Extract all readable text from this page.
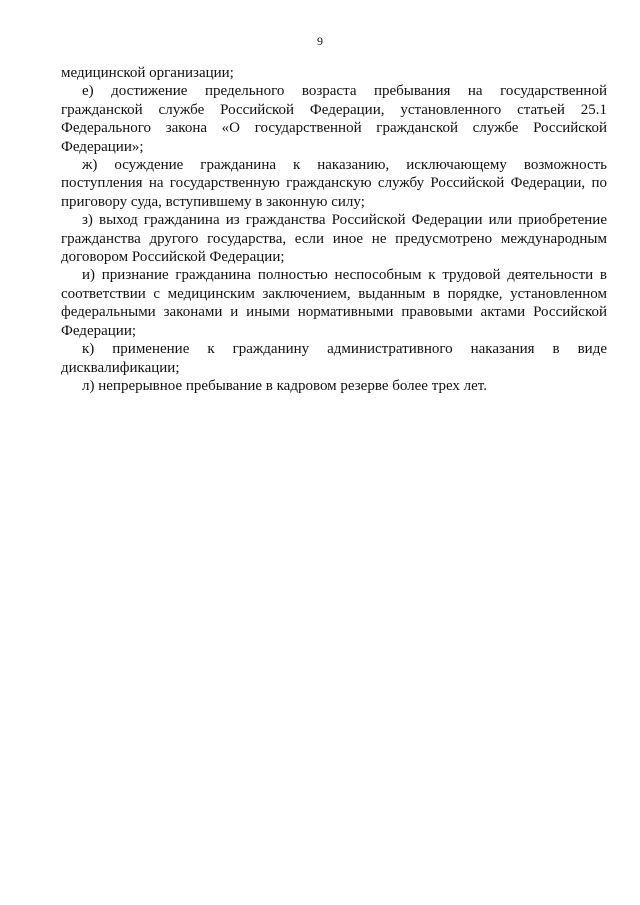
9

медицинской организации;

е) достижение предельного возраста пребывания на государственной гражданской службе Российской Федерации, установленного статьей 25.1 Федерального закона «О государственной гражданской службе Российской Федерации»;

ж) осуждение гражданина к наказанию, исключающему возможность поступления на государственную гражданскую службу Российской Федерации, по приговору суда, вступившему в законную силу;

з) выход гражданина из гражданства Российской Федерации или приобретение гражданства другого государства, если иное не предусмотрено международным договором Российской Федерации;

и) признание гражданина полностью неспособным к трудовой деятельности в соответствии с медицинским заключением, выданным в порядке, установленном федеральными законами и иными нормативными правовыми актами Российской Федерации;

к) применение к гражданину административного наказания в виде дисквалификации;

л) непрерывное пребывание в кадровом резерве более трех лет.
